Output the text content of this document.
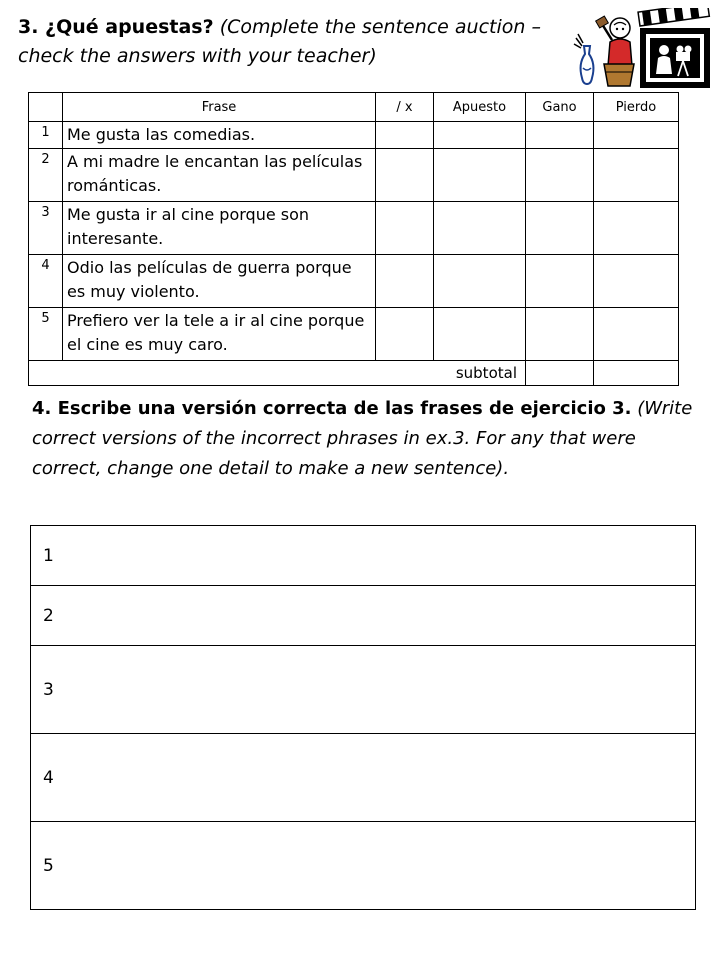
3. ¿Qué apuestas? (Complete the sentence auction – check the answers with your teacher)
	Frase	/ x	Apuesto	Gano	Pierdo
1	Me gusta las comedias.				
2	A mi madre le encantan las películas románticas.				
3	Me gusta ir al cine porque son interesante.				
4	Odio las películas de guerra porque es muy violento.				
5	Prefiero ver la tele a ir al cine porque el cine es muy caro.				
subtotal					
4. Escribe una versión correcta de las frases de ejercicio 3. (Write correct versions of the incorrect phrases in ex.3. For any that were correct, change one detail to make a new sentence).
1
2
3
4
5
